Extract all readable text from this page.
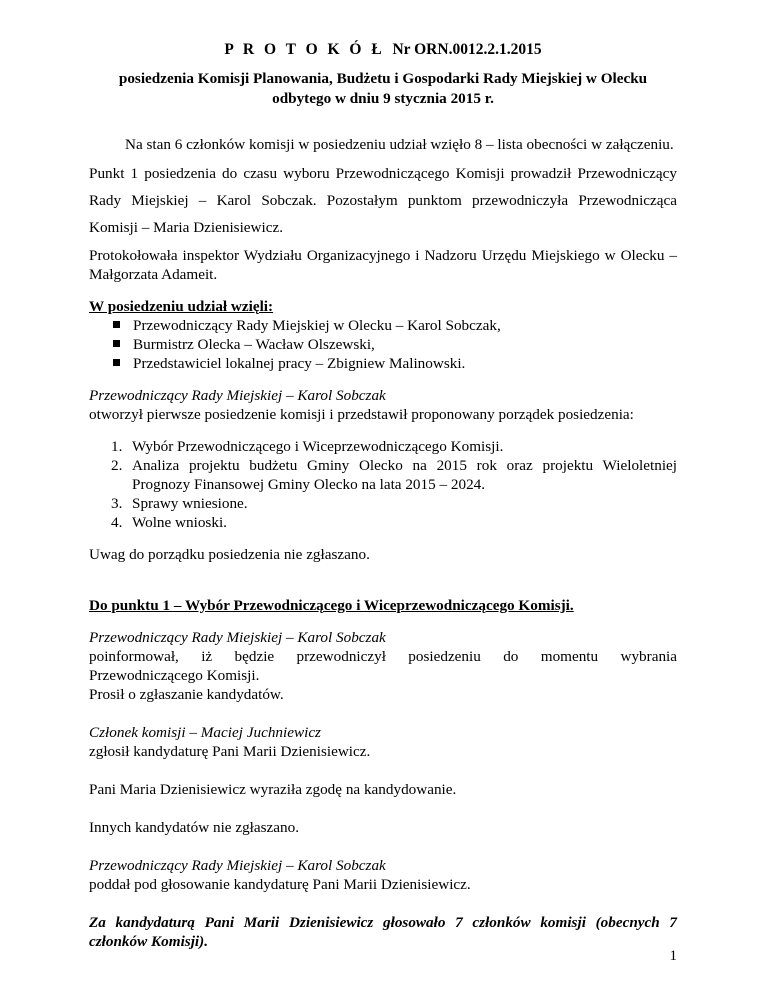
P R O T O K Ó Ł Nr ORN.0012.2.1.2015

posiedzenia Komisji Planowania, Budżetu i Gospodarki Rady Miejskiej w Olecku
odbytego w dniu 9 stycznia 2015 r.

Na stan 6 członków komisji w posiedzeniu udział wzięło 8 – lista obecności w załączeniu.

Punkt 1 posiedzenia do czasu wyboru Przewodniczącego Komisji prowadził Przewodniczący
Rady Miejskiej – Karol Sobczak. Pozostałym punktom przewodniczyła Przewodnicząca
Komisji – Maria Dzienisiewicz.

Protokołowała inspektor Wydziału Organizacyjnego i Nadzoru Urzędu Miejskiego w Olecku – Małgorzata Adameit.

W posiedzeniu udział wzięli:

Przewodniczący Rady Miejskiej w Olecku – Karol Sobczak,
Burmistrz Olecka – Wacław Olszewski,
Przedstawiciel lokalnej pracy – Zbigniew Malinowski.

Przewodniczący Rady Miejskiej – Karol Sobczak

otworzył pierwsze posiedzenie komisji i przedstawił proponowany porządek posiedzenia:

1. Wybór Przewodniczącego i Wiceprzewodniczącego Komisji.
2. Analiza projektu budżetu Gminy Olecko na 2015 rok oraz projektu Wieloletniej Prognozy Finansowej Gminy Olecko na lata 2015 – 2024.
3. Sprawy wniesione.
4. Wolne wnioski.

Uwag do porządku posiedzenia nie zgłaszano.

Do punktu 1 – Wybór Przewodniczącego i Wiceprzewodniczącego Komisji.

Przewodniczący Rady Miejskiej – Karol Sobczak

poinformował, iż będzie przewodniczył posiedzeniu do momentu wybrania
Przewodniczącego Komisji.
Prosił o zgłaszanie kandydatów.

Członek komisji – Maciej Juchniewicz

zgłosił kandydaturę Pani Marii Dzienisiewicz.

Pani Maria Dzienisiewicz wyraziła zgodę na kandydowanie.

Innych kandydatów nie zgłaszano.

Przewodniczący Rady Miejskiej – Karol Sobczak

poddał pod głosowanie kandydaturę Pani Marii Dzienisiewicz.

Za kandydaturą Pani Marii Dzienisiewicz głosowało 7 członków komisji (obecnych 7 członków Komisji).

1
